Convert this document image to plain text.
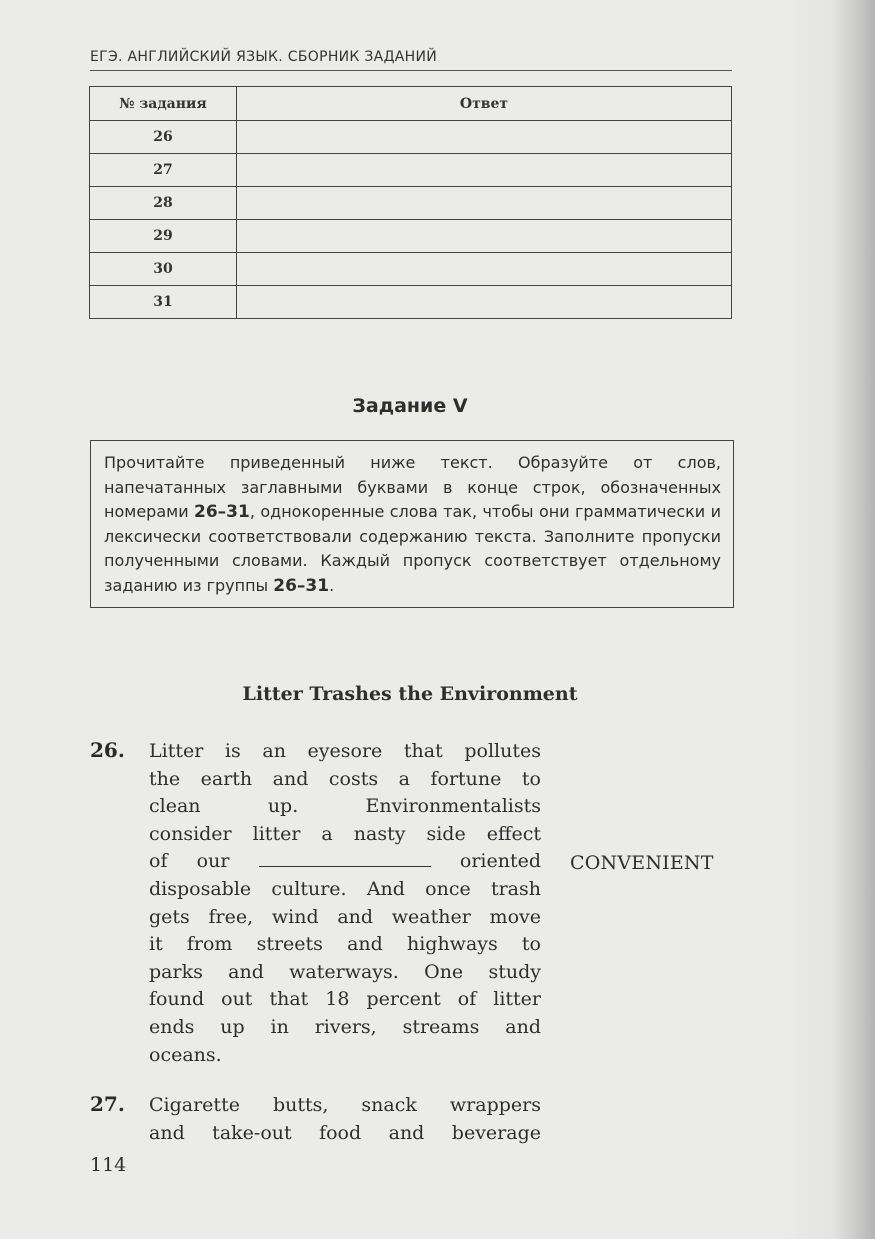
ЕГЭ. АНГЛИЙСКИЙ ЯЗЫК. СБОРНИК ЗАДАНИЙ
№ задания	Ответ
26	
27	
28	
29	
30	
31	
Задание V
Прочитайте приведенный ниже текст. Образуйте от слов, напечатанных заглавными буквами в конце строк, обозначенных номерами 26–31, однокоренные слова так, чтобы они грамматически и лексически соответствовали содержанию текста. Заполните пропуски полученными словами. Каждый пропуск соответствует отдельному заданию из группы 26–31.
Litter Trashes the Environment
26. Litter is an eyesore that pollutes
the earth and costs a fortune to
clean up. Environmentalists
consider litter a nasty side effect
of our	oriented
disposable culture. And once trash
gets free, wind and weather move
it from streets and highways to
parks and waterways. One study
found out that 18 percent of litter
ends up in rivers, streams and
oceans.
CONVENIENT
27. Cigarette butts, snack wrappers
and take-out food and beverage
114
